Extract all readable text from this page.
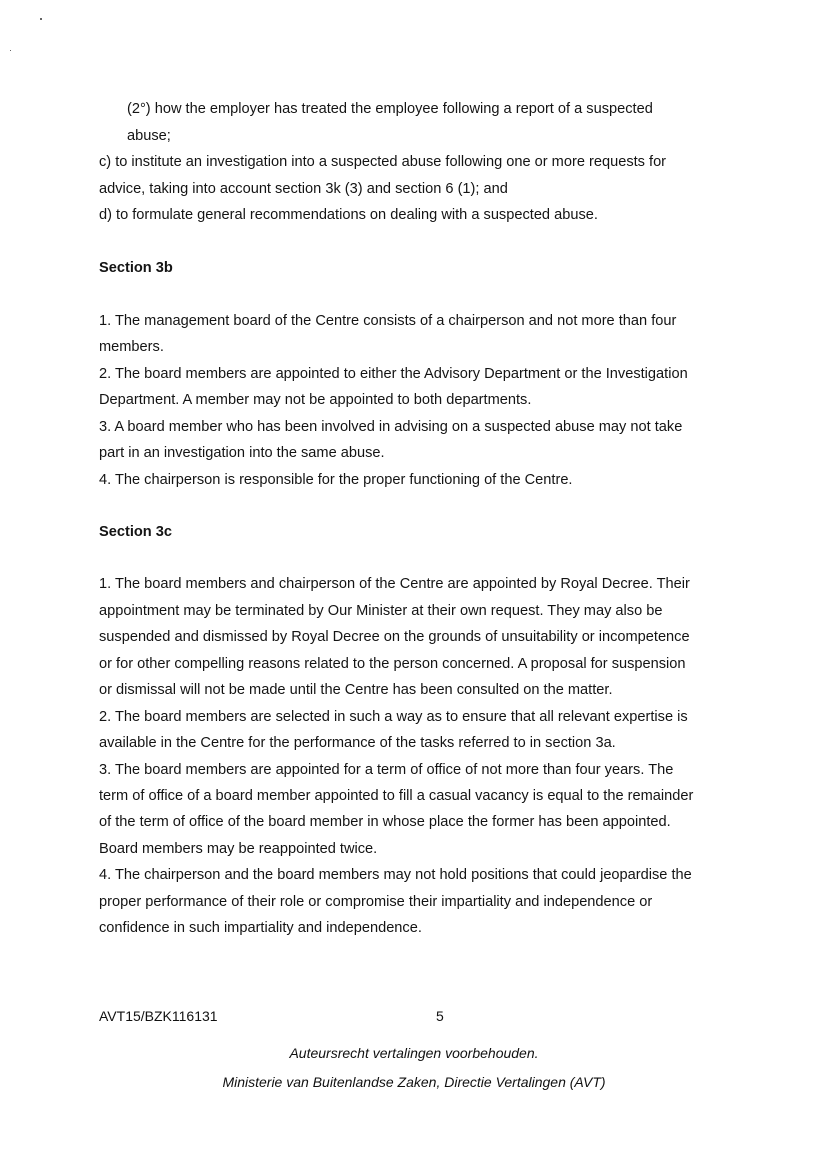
(2°) how the employer has treated the employee following a report of a suspected
abuse;
c) to institute an investigation into a suspected abuse following one or more requests for
advice, taking into account section 3k (3) and section 6 (1); and
d) to formulate general recommendations on dealing with a suspected abuse.
Section 3b
1. The management board of the Centre consists of a chairperson and not more than four
members.
2. The board members are appointed to either the Advisory Department or the Investigation
Department. A member may not be appointed to both departments.
3. A board member who has been involved in advising on a suspected abuse may not take
part in an investigation into the same abuse.
4. The chairperson is responsible for the proper functioning of the Centre.
Section 3c
1. The board members and chairperson of the Centre are appointed by Royal Decree. Their
appointment may be terminated by Our Minister at their own request. They may also be
suspended and dismissed by Royal Decree on the grounds of unsuitability or incompetence
or for other compelling reasons related to the person concerned. A proposal for suspension
or dismissal will not be made until the Centre has been consulted on the matter.
2. The board members are selected in such a way as to ensure that all relevant expertise is
available in the Centre for the performance of the tasks referred to in section 3a.
3. The board members are appointed for a term of office of not more than four years. The
term of office of a board member appointed to fill a casual vacancy is equal to the remainder
of the term of office of the board member in whose place the former has been appointed.
Board members may be reappointed twice.
4. The chairperson and the board members may not hold positions that could jeopardise the
proper performance of their role or compromise their impartiality and independence or
confidence in such impartiality and independence.
AVT15/BZK116131	5
Auteursrecht vertalingen voorbehouden.
Ministerie van Buitenlandse Zaken, Directie Vertalingen (AVT)
